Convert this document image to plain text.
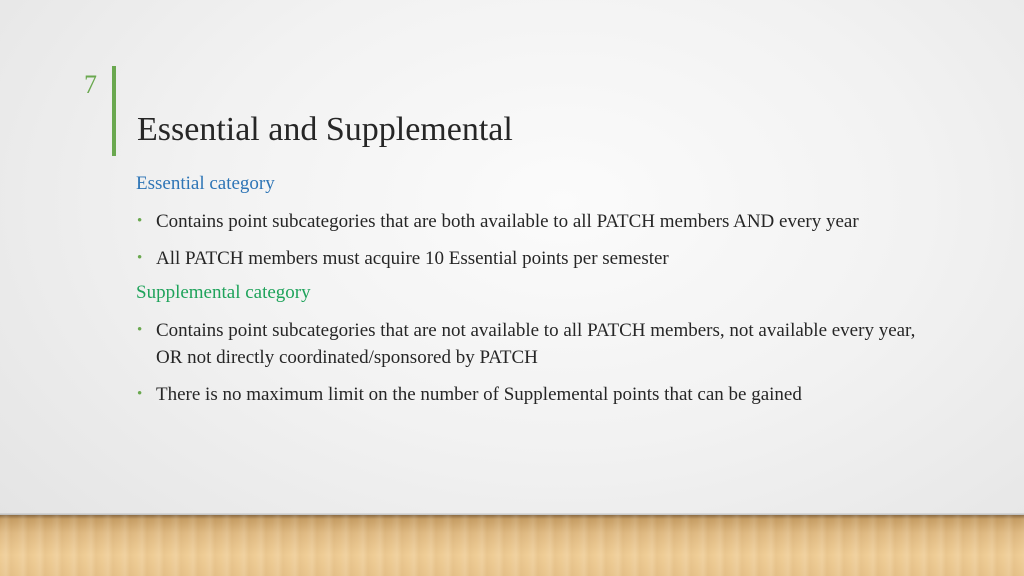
7
Essential and Supplemental
Essential category
• Contains point subcategories that are both available to all PATCH members AND every year
• All PATCH members must acquire 10 Essential points per semester
Supplemental category
• Contains point subcategories that are not available to all PATCH members, not available every year, OR not directly coordinated/sponsored by PATCH
• There is no maximum limit on the number of Supplemental points that can be gained
